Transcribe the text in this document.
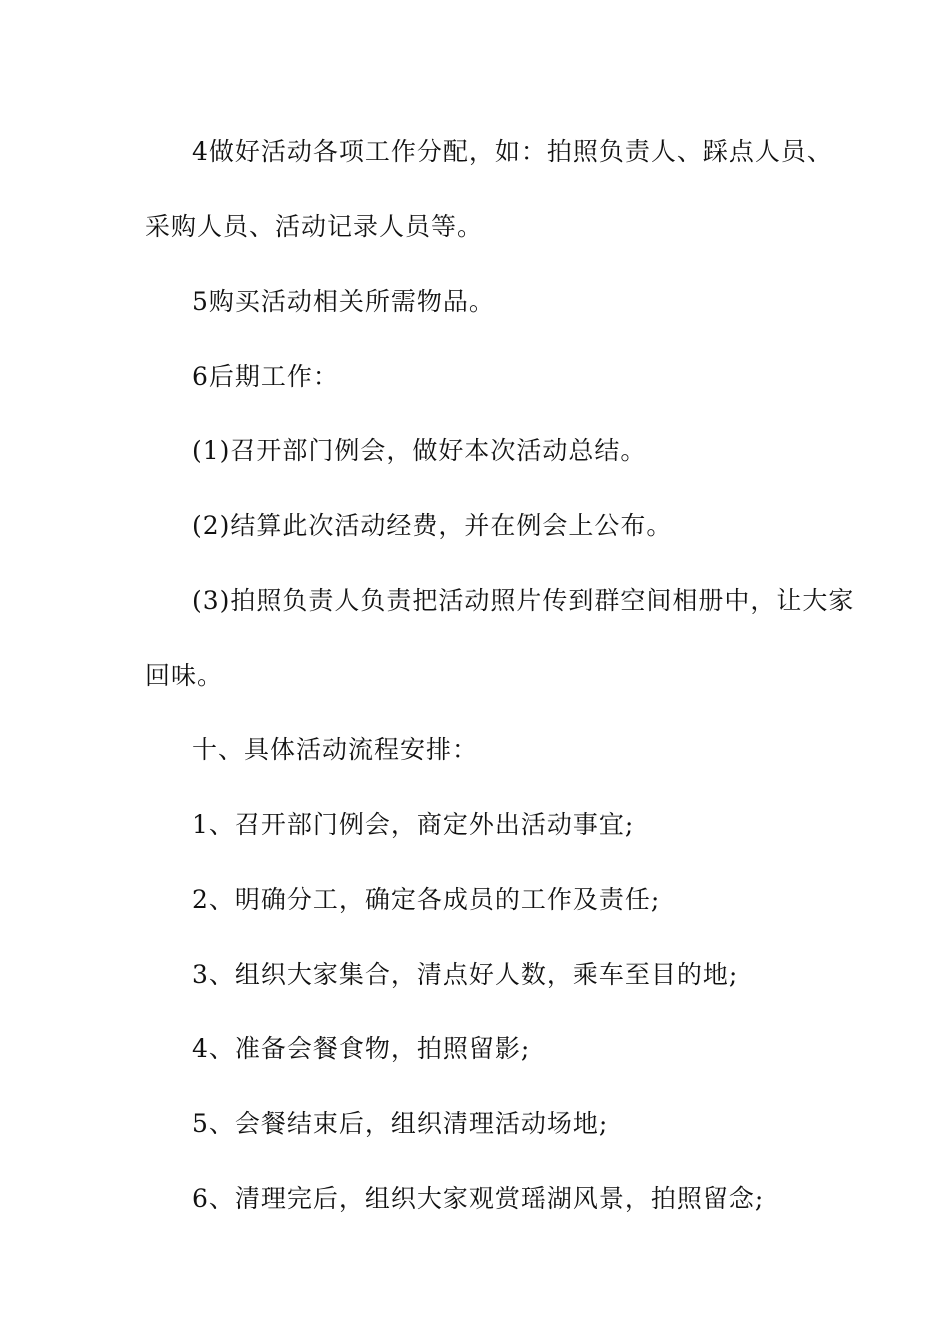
4做好活动各项工作分配，如：拍照负责人、踩点人员、
采购人员、活动记录人员等。
5购买活动相关所需物品。
6后期工作：
(1)召开部门例会，做好本次活动总结。
(2)结算此次活动经费，并在例会上公布。
(3)拍照负责人负责把活动照片传到群空间相册中，让大家
回味。
十、具体活动流程安排：
1、召开部门例会，商定外出活动事宜;
2、明确分工，确定各成员的工作及责任;
3、组织大家集合，清点好人数，乘车至目的地;
4、准备会餐食物，拍照留影;
5、会餐结束后，组织清理活动场地;
6、清理完后，组织大家观赏瑶湖风景，拍照留念;
